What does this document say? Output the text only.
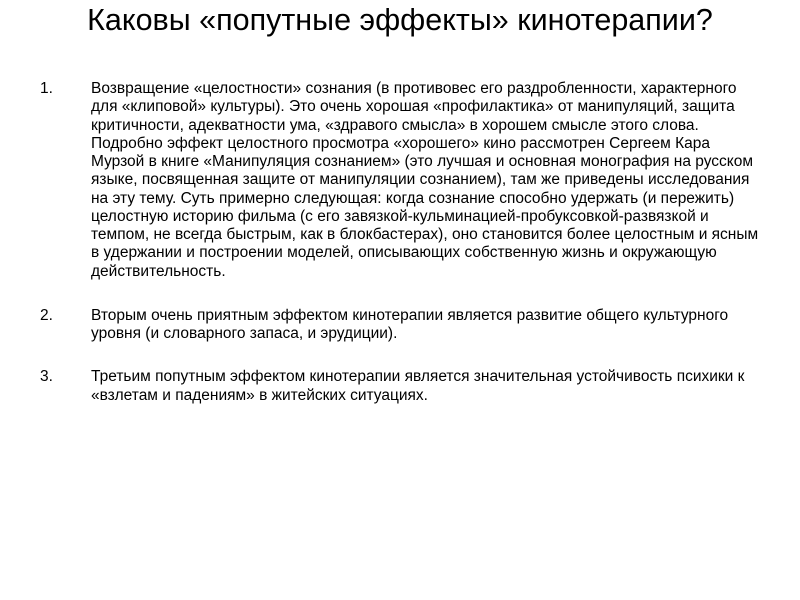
Каковы «попутные эффекты» кинотерапии?
1. Возвращение «целостности» сознания (в противовес его раздробленности, характерного для «клиповой» культуры). Это очень хорошая «профилактика» от манипуляций, защита критичности, адекватности ума, «здравого смысла» в хорошем смысле этого слова. Подробно эффект целостного просмотра «хорошего» кино рассмотрен Сергеем Кара Мурзой в книге «Манипуляция сознанием» (это лучшая и основная монография на русском языке, посвященная защите от манипуляции сознанием), там же приведены исследования на эту тему. Суть примерно следующая: когда сознание способно удержать (и пережить) целостную историю фильма (с его завязкой-кульминацией-пробуксовкой-развязкой и темпом, не всегда быстрым, как в блокбастерах), оно становится более целостным и ясным в удержании и построении моделей, описывающих собственную жизнь и окружающую действительность.
2. Вторым очень приятным эффектом кинотерапии является развитие общего культурного уровня (и словарного запаса, и эрудиции).
3. Третьим попутным эффектом кинотерапии является значительная устойчивость психики к «взлетам и падениям» в житейских ситуациях.
